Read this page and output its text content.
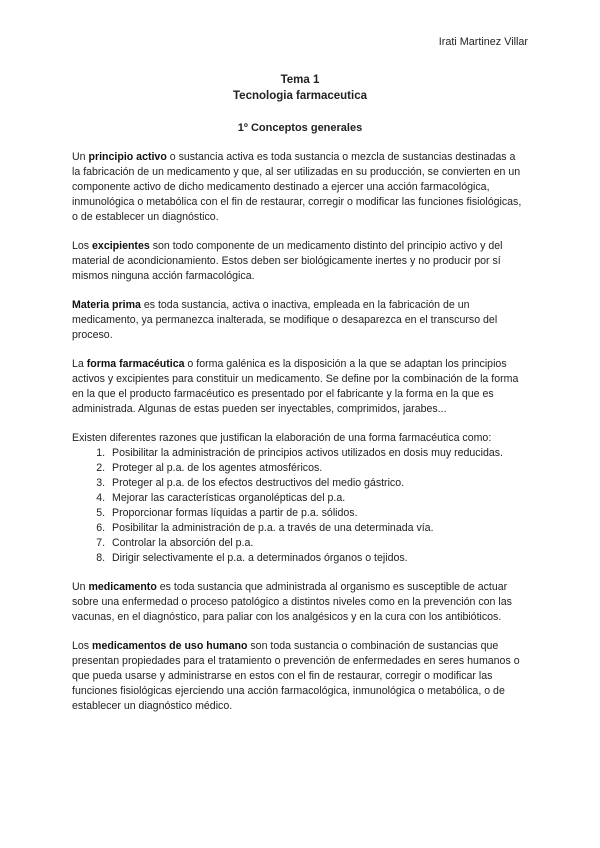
Irati Martinez Villar
Tema 1
Tecnologia farmaceutica
1º Conceptos generales

Un principio activo o sustancia activa es toda sustancia o mezcla de sustancias destinadas a la fabricación de un medicamento y que, al ser utilizadas en su producción, se convierten en un componente activo de dicho medicamento destinado a ejercer una acción farmacológica, inmunológica o metabólica con el fin de restaurar, corregir o modificar las funciones fisiológicas, o de establecer un diagnóstico.

Los excipientes son todo componente de un medicamento distinto del principio activo y del material de acondicionamiento. Estos deben ser biológicamente inertes y no producir por sí mismos ninguna acción farmacológica.

Materia prima es toda sustancia, activa o inactiva, empleada en la fabricación de un medicamento, ya permanezca inalterada, se modifique o desaparezca en el transcurso del proceso.

La forma farmacéutica o forma galénica es la disposición a la que se adaptan los principios activos y excipientes para constituir un medicamento. Se define por la combinación de la forma en la que el producto farmacéutico es presentado por el fabricante y la forma en la que es administrada. Algunas de estas pueden ser inyectables, comprimidos, jarabes...

Existen diferentes razones que justifican la elaboración de una forma farmacéutica como:

1. Posibilitar la administración de principios activos utilizados en dosis muy reducidas.
2. Proteger al p.a. de los agentes atmosféricos.
3. Proteger al p.a. de los efectos destructivos del medio gástrico.
4. Mejorar las características organolépticas del p.a.
5. Proporcionar formas líquidas a partir de p.a. sólidos.
6. Posibilitar la administración de p.a. a través de una determinada vía.
7. Controlar la absorción del p.a.
8. Dirigir selectivamente el p.a. a determinados órganos o tejidos.

Un medicamento es toda sustancia que administrada al organismo es susceptible de actuar sobre una enfermedad o proceso patológico a distintos niveles como en la prevención con las vacunas, en el diagnóstico, para paliar con los analgésicos y en la cura con los antibióticos.

Los medicamentos de uso humano son toda sustancia o combinación de sustancias que presentan propiedades para el tratamiento o prevención de enfermedades en seres humanos o que pueda usarse y administrarse en estos con el fin de restaurar, corregir o modificar las funciones fisiológicas ejerciendo una acción farmacológica, inmunológica o metabólica, o de establecer un diagnóstico médico.
